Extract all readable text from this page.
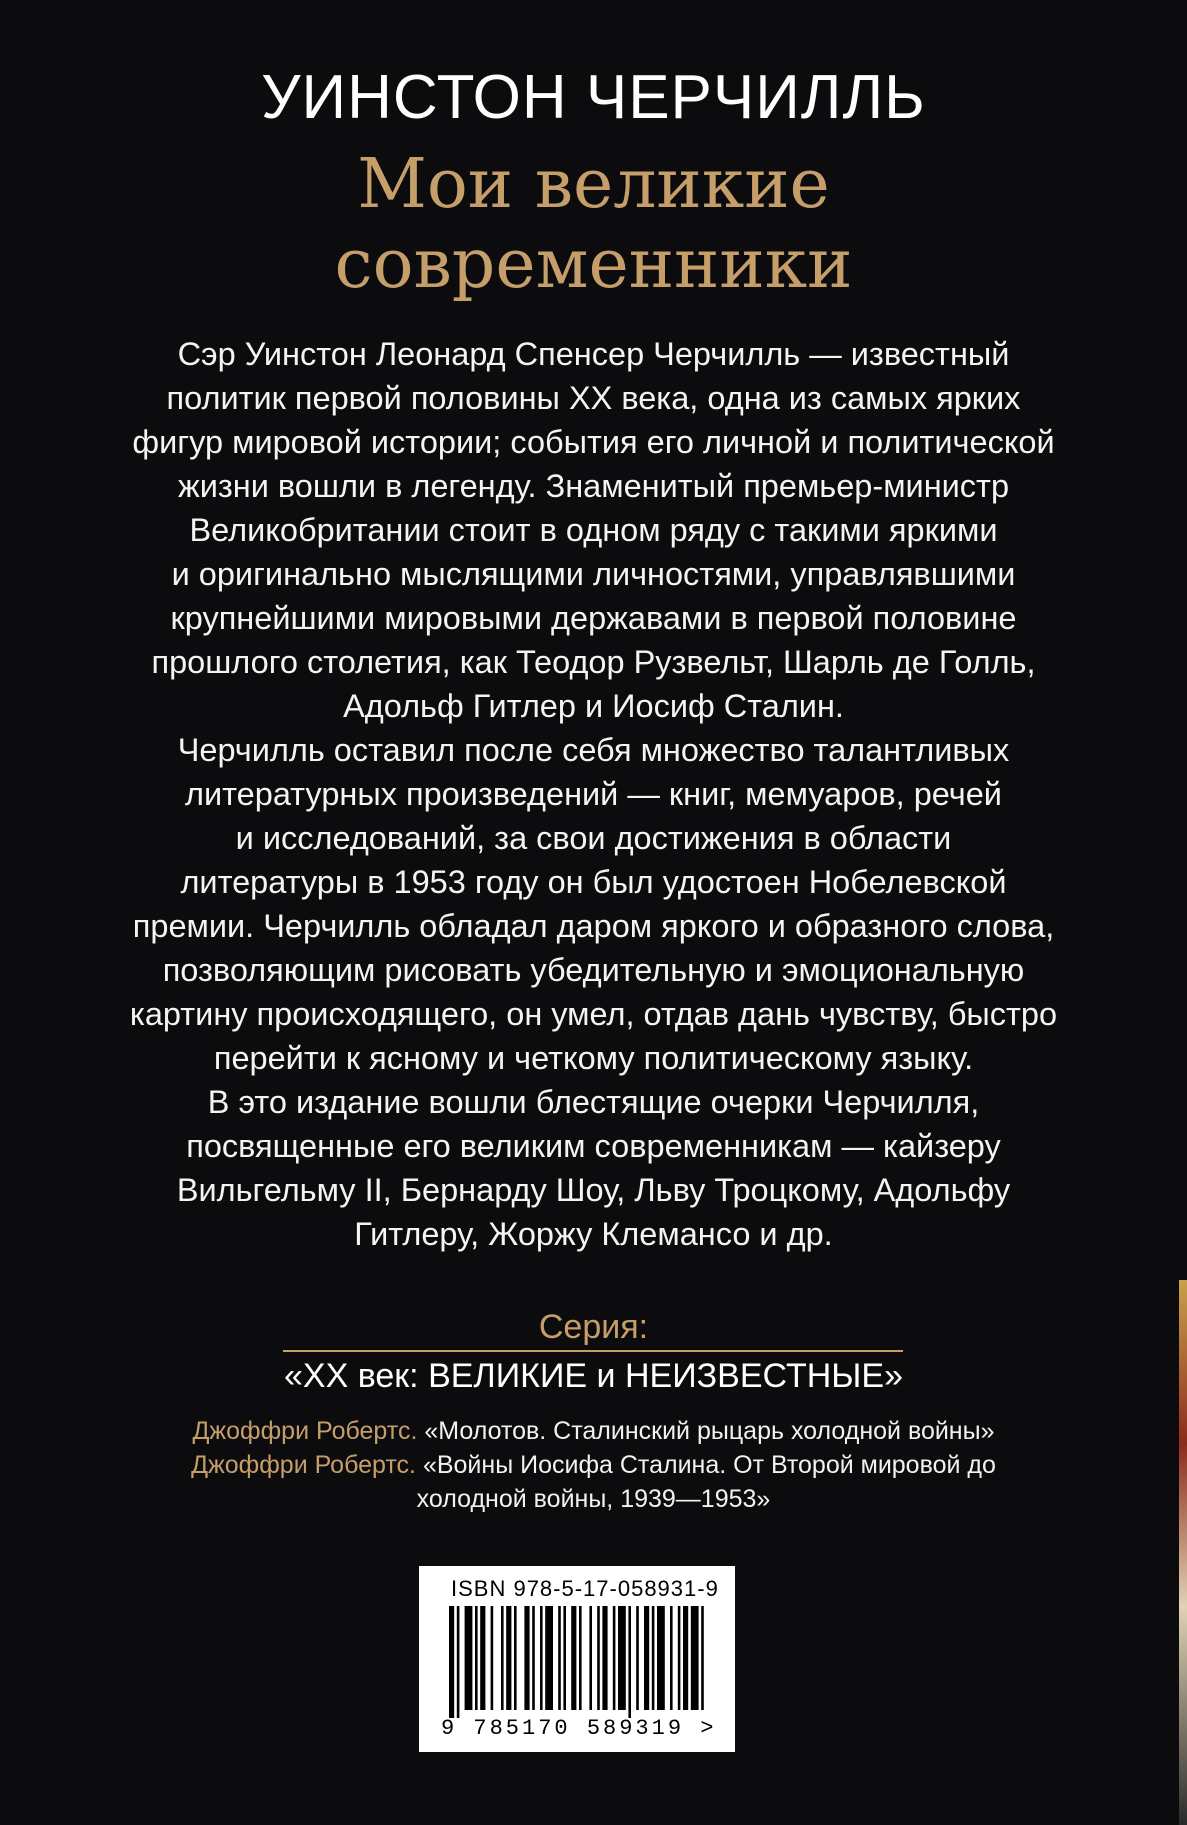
УИНСТОН ЧЕРЧИЛЛЬ
Мои великие
современники
Сэр Уинстон Леонард Спенсер Черчилль — известный
политик первой половины XX века, одна из самых ярких
фигур мировой истории; события его личной и политической
жизни вошли в легенду. Знаменитый премьер-министр
Великобритании стоит в одном ряду с такими яркими
и оригинально мыслящими личностями, управлявшими
крупнейшими мировыми державами в первой половине
прошлого столетия, как Теодор Рузвельт, Шарль де Голль,
Адольф Гитлер и Иосиф Сталин.
Черчилль оставил после себя множество талантливых
литературных произведений — книг, мемуаров, речей
и исследований, за свои достижения в области
литературы в 1953 году он был удостоен Нобелевской
премии. Черчилль обладал даром яркого и образного слова,
позволяющим рисовать убедительную и эмоциональную
картину происходящего, он умел, отдав дань чувству, быстро
перейти к ясному и четкому политическому языку.
В это издание вошли блестящие очерки Черчилля,
посвященные его великим современникам — кайзеру
Вильгельму II, Бернарду Шоу, Льву Троцкому, Адольфу
Гитлеру, Жоржу Клемансо и др.
Серия:
«XX век: ВЕЛИКИЕ и НЕИЗВЕСТНЫЕ»
Джоффри Робертс. «Молотов. Сталинский рыцарь холодной войны»
Джоффри Робертс. «Войны Иосифа Сталина. От Второй мировой до
холодной войны, 1939—1953»
ISBN 978-5-17-058931-9
9 785170 589319 >
